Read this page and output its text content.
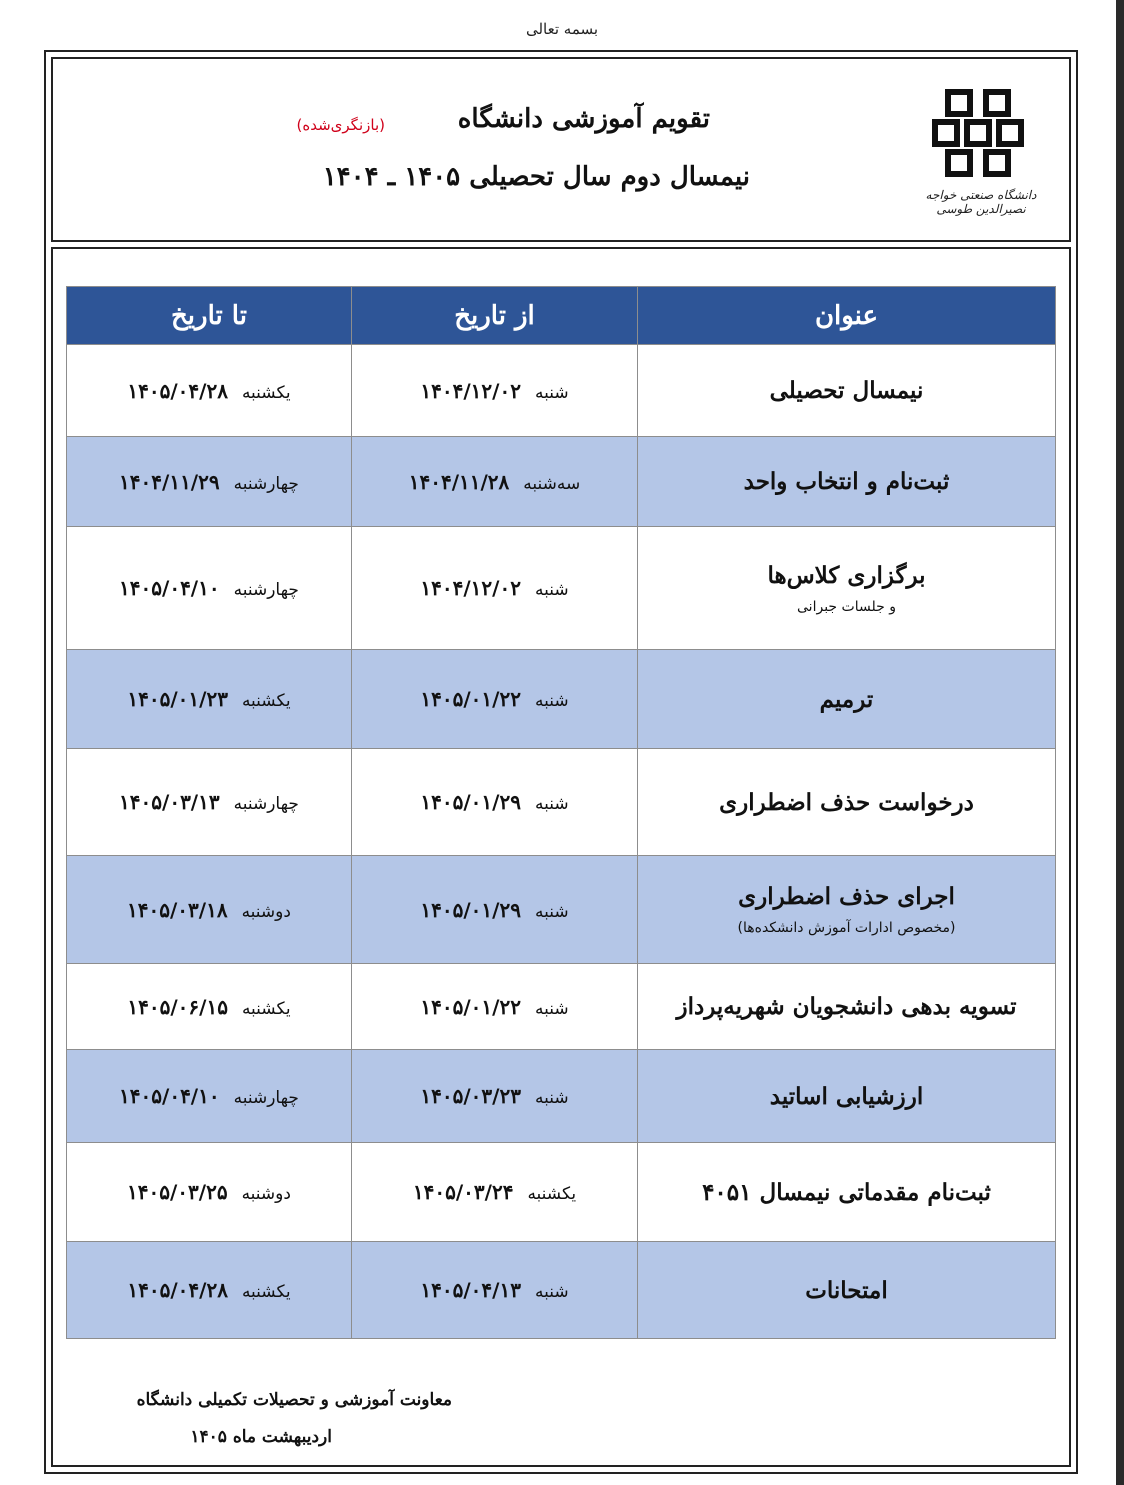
بسمه تعالی
تقویم آموزشی دانشگاه
(بازنگری‌شده)
نیمسال دوم سال تحصیلی ۱۴۰۵ ـ ۱۴۰۴
دانشگاه صنعتی خواجه نصیرالدین طوسی
عنوان	از تاریخ	تا تاریخ

نیمسال تحصیلی	شنبه۱۴۰۴/۱۲/۰۲	یکشنبه۱۴۰۵/۰۴/۲۸

ثبت‌نام و انتخاب واحد	سه‌شنبه۱۴۰۴/۱۱/۲۸	چهارشنبه۱۴۰۴/۱۱/۲۹

برگزاری کلاس‌ها
و جلسات جبرانی	شنبه۱۴۰۴/۱۲/۰۲	چهارشنبه۱۴۰۵/۰۴/۱۰

ترمیم	شنبه۱۴۰۵/۰۱/۲۲	یکشنبه۱۴۰۵/۰۱/۲۳

درخواست حذف اضطراری	شنبه۱۴۰۵/۰۱/۲۹	چهارشنبه۱۴۰۵/۰۳/۱۳

اجرای حذف اضطراری
(مخصوص ادارات آموزش دانشکده‌ها)	شنبه۱۴۰۵/۰۱/۲۹	دوشنبه۱۴۰۵/۰۳/۱۸

تسویه بدهی دانشجویان شهریه‌پرداز	شنبه۱۴۰۵/۰۱/۲۲	یکشنبه۱۴۰۵/۰۶/۱۵

ارزشیابی اساتید	شنبه۱۴۰۵/۰۳/۲۳	چهارشنبه۱۴۰۵/۰۴/۱۰

ثبت‌نام مقدماتی نیمسال ۴۰۵۱	یکشنبه۱۴۰۵/۰۳/۲۴	دوشنبه۱۴۰۵/۰۳/۲۵

امتحانات	شنبه۱۴۰۵/۰۴/۱۳	یکشنبه۱۴۰۵/۰۴/۲۸
معاونت آموزشی و تحصیلات تکمیلی دانشگاه
اردیبهشت ماه ۱۴۰۵
